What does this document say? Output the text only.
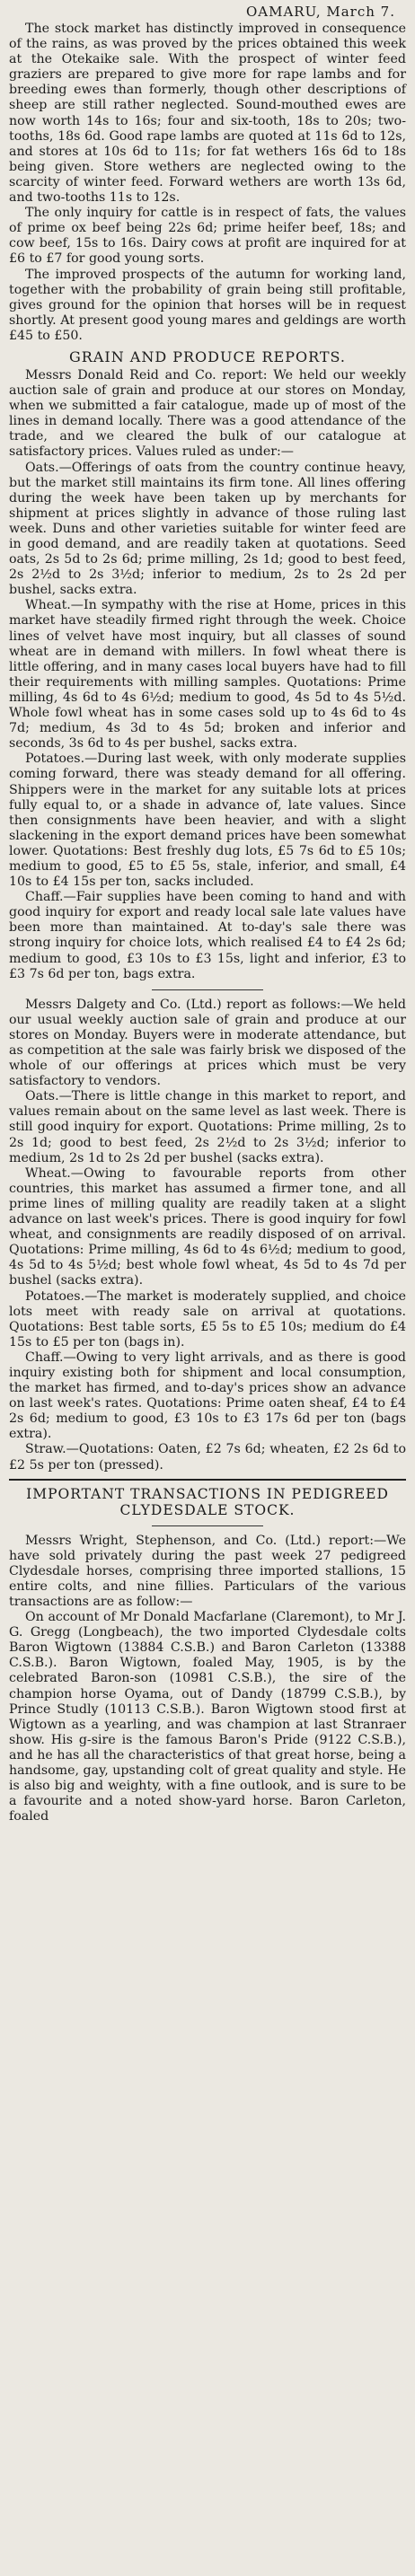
OAMARU, March 7.

The stock market has distinctly improved in consequence of the rains, as was proved by the prices obtained this week at the Otekaike sale. With the prospect of winter feed graziers are prepared to give more for rape lambs and for breeding ewes than formerly, though other descriptions of sheep are still rather neglected. Sound-mouthed ewes are now worth 14s to 16s; four and six-tooth, 18s to 20s; two-tooths, 18s 6d. Good rape lambs are quoted at 11s 6d to 12s, and stores at 10s 6d to 11s; for fat wethers 16s 6d to 18s being given. Store wethers are neglected owing to the scarcity of winter feed. Forward wethers are worth 13s 6d, and two-tooths 11s to 12s.

The only inquiry for cattle is in respect of fats, the values of prime ox beef being 22s 6d; prime heifer beef, 18s; and cow beef, 15s to 16s. Dairy cows at profit are inquired for at £6 to £7 for good young sorts.

The improved prospects of the autumn for working land, together with the probability of grain being still profitable, gives ground for the opinion that horses will be in request shortly. At present good young mares and geldings are worth £45 to £50.

GRAIN AND PRODUCE REPORTS.

Messrs Donald Reid and Co. report: We held our weekly auction sale of grain and produce at our stores on Monday, when we submitted a fair catalogue, made up of most of the lines in demand locally. There was a good attendance of the trade, and we cleared the bulk of our catalogue at satisfactory prices. Values ruled as under:—

Oats.—Offerings of oats from the country continue heavy, but the market still maintains its firm tone. All lines offering during the week have been taken up by merchants for shipment at prices slightly in advance of those ruling last week. Duns and other varieties suitable for winter feed are in good demand, and are readily taken at quotations. Seed oats, 2s 5d to 2s 6d; prime milling, 2s 1d; good to best feed, 2s 2½d to 2s 3½d; inferior to medium, 2s to 2s 2d per bushel, sacks extra.

Wheat.—In sympathy with the rise at Home, prices in this market have steadily firmed right through the week. Choice lines of velvet have most inquiry, but all classes of sound wheat are in demand with millers. In fowl wheat there is little offering, and in many cases local buyers have had to fill their requirements with milling samples. Quotations: Prime milling, 4s 6d to 4s 6½d; medium to good, 4s 5d to 4s 5½d. Whole fowl wheat has in some cases sold up to 4s 6d to 4s 7d; medium, 4s 3d to 4s 5d; broken and inferior and seconds, 3s 6d to 4s per bushel, sacks extra.

Potatoes.—During last week, with only moderate supplies coming forward, there was steady demand for all offering. Shippers were in the market for any suitable lots at prices fully equal to, or a shade in advance of, late values. Since then consignments have been heavier, and with a slight slackening in the export demand prices have been somewhat lower. Quotations: Best freshly dug lots, £5 7s 6d to £5 10s; medium to good, £5 to £5 5s, stale, inferior, and small, £4 10s to £4 15s per ton, sacks included.

Chaff.—Fair supplies have been coming to hand and with good inquiry for export and ready local sale late values have been more than maintained. At to-day's sale there was strong inquiry for choice lots, which realised £4 to £4 2s 6d; medium to good, £3 10s to £3 15s, light and inferior, £3 to £3 7s 6d per ton, bags extra.

Messrs Dalgety and Co. (Ltd.) report as follows:—We held our usual weekly auction sale of grain and produce at our stores on Monday. Buyers were in moderate attendance, but as competition at the sale was fairly brisk we disposed of the whole of our offerings at prices which must be very satisfactory to vendors.

Oats.—There is little change in this market to report, and values remain about on the same level as last week. There is still good inquiry for export. Quotations: Prime milling, 2s to 2s 1d; good to best feed, 2s 2½d to 2s 3½d; inferior to medium, 2s 1d to 2s 2d per bushel (sacks extra).

Wheat.—Owing to favourable reports from other countries, this market has assumed a firmer tone, and all prime lines of milling quality are readily taken at a slight advance on last week's prices. There is good inquiry for fowl wheat, and consignments are readily disposed of on arrival. Quotations: Prime milling, 4s 6d to 4s 6½d; medium to good, 4s 5d to 4s 5½d; best whole fowl wheat, 4s 5d to 4s 7d per bushel (sacks extra).

Potatoes.—The market is moderately supplied, and choice lots meet with ready sale on arrival at quotations. Quotations: Best table sorts, £5 5s to £5 10s; medium do £4 15s to £5 per ton (bags in).

Chaff.—Owing to very light arrivals, and as there is good inquiry existing both for shipment and local consumption, the market has firmed, and to-day's prices show an advance on last week's rates. Quotations: Prime oaten sheaf, £4 to £4 2s 6d; medium to good, £3 10s to £3 17s 6d per ton (bags extra).

Straw.—Quotations: Oaten, £2 7s 6d; wheaten, £2 2s 6d to £2 5s per ton (pressed).

IMPORTANT TRANSACTIONS IN PEDIGREED CLYDESDALE STOCK.

Messrs Wright, Stephenson, and Co. (Ltd.) report:—We have sold privately during the past week 27 pedigreed Clydesdale horses, comprising three imported stallions, 15 entire colts, and nine fillies. Particulars of the various transactions are as follow:—

On account of Mr Donald Macfarlane (Claremont), to Mr J. G. Gregg (Longbeach), the two imported Clydesdale colts Baron Wigtown (13884 C.S.B.) and Baron Carleton (13388 C.S.B.). Baron Wigtown, foaled May, 1905, is by the celebrated Baron-son (10981 C.S.B.), the sire of the champion horse Oyama, out of Dandy (18799 C.S.B.), by Prince Studly (10113 C.S.B.). Baron Wigtown stood first at Wigtown as a yearling, and was champion at last Stranraer show. His g-sire is the famous Baron's Pride (9122 C.S.B.), and he has all the characteristics of that great horse, being a handsome, gay, upstanding colt of great quality and style. He is also big and weighty, with a fine outlook, and is sure to be a favourite and a noted show-yard horse. Baron Carleton, foaled
